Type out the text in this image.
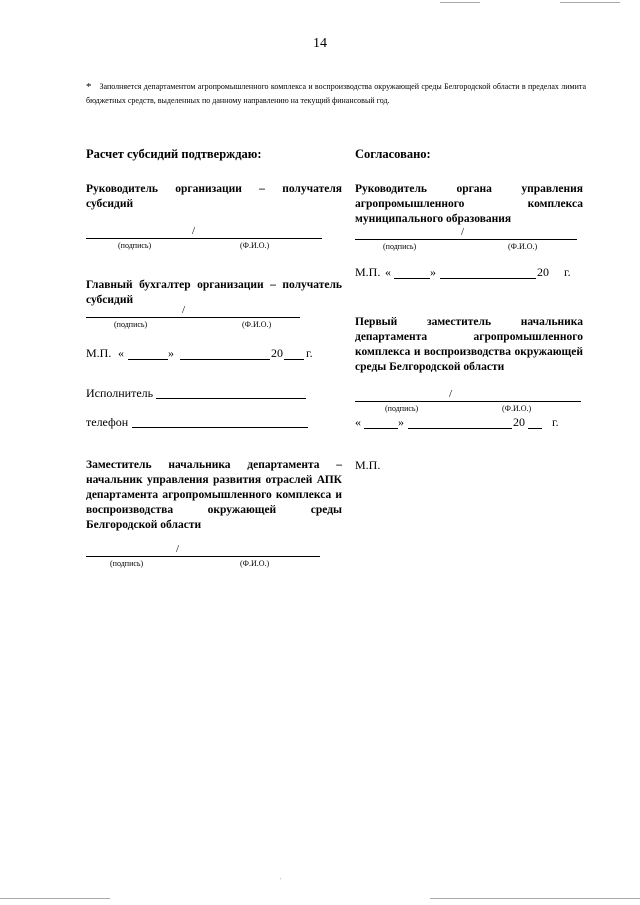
14
* Заполняется департаментом агропромышленного комплекса и воспроизводства окружающей среды Белгородской области в пределах лимита бюджетных средств, выделенных по данному направлению на текущий финансовый год.
Расчет субсидий подтверждаю:
Руководитель организации – получателя субсидий
/
(подпись)	(Ф.И.О.)
Главный бухгалтер организации – получатель субсидий
/
(подпись)	(Ф.И.О.)
М.П. «	»	20 г.
Исполнитель
телефон
Заместитель начальника департамента – начальник управления развития отраслей АПК департамента агропромышленного комплекса и воспроизводства окружающей среды Белгородской области
/
(подпись)	(Ф.И.О.)
Согласовано:
Руководитель органа управления агропромышленного комплекса муниципального образования
/
(подпись)	(Ф.И.О.)
М.П. «	»	20 г.
Первый заместитель начальника департамента агропромышленного комплекса и воспроизводства окружающей среды Белгородской области
/
(подпись)	(Ф.И.О.)
«	»	20 г.
М.П.
'
